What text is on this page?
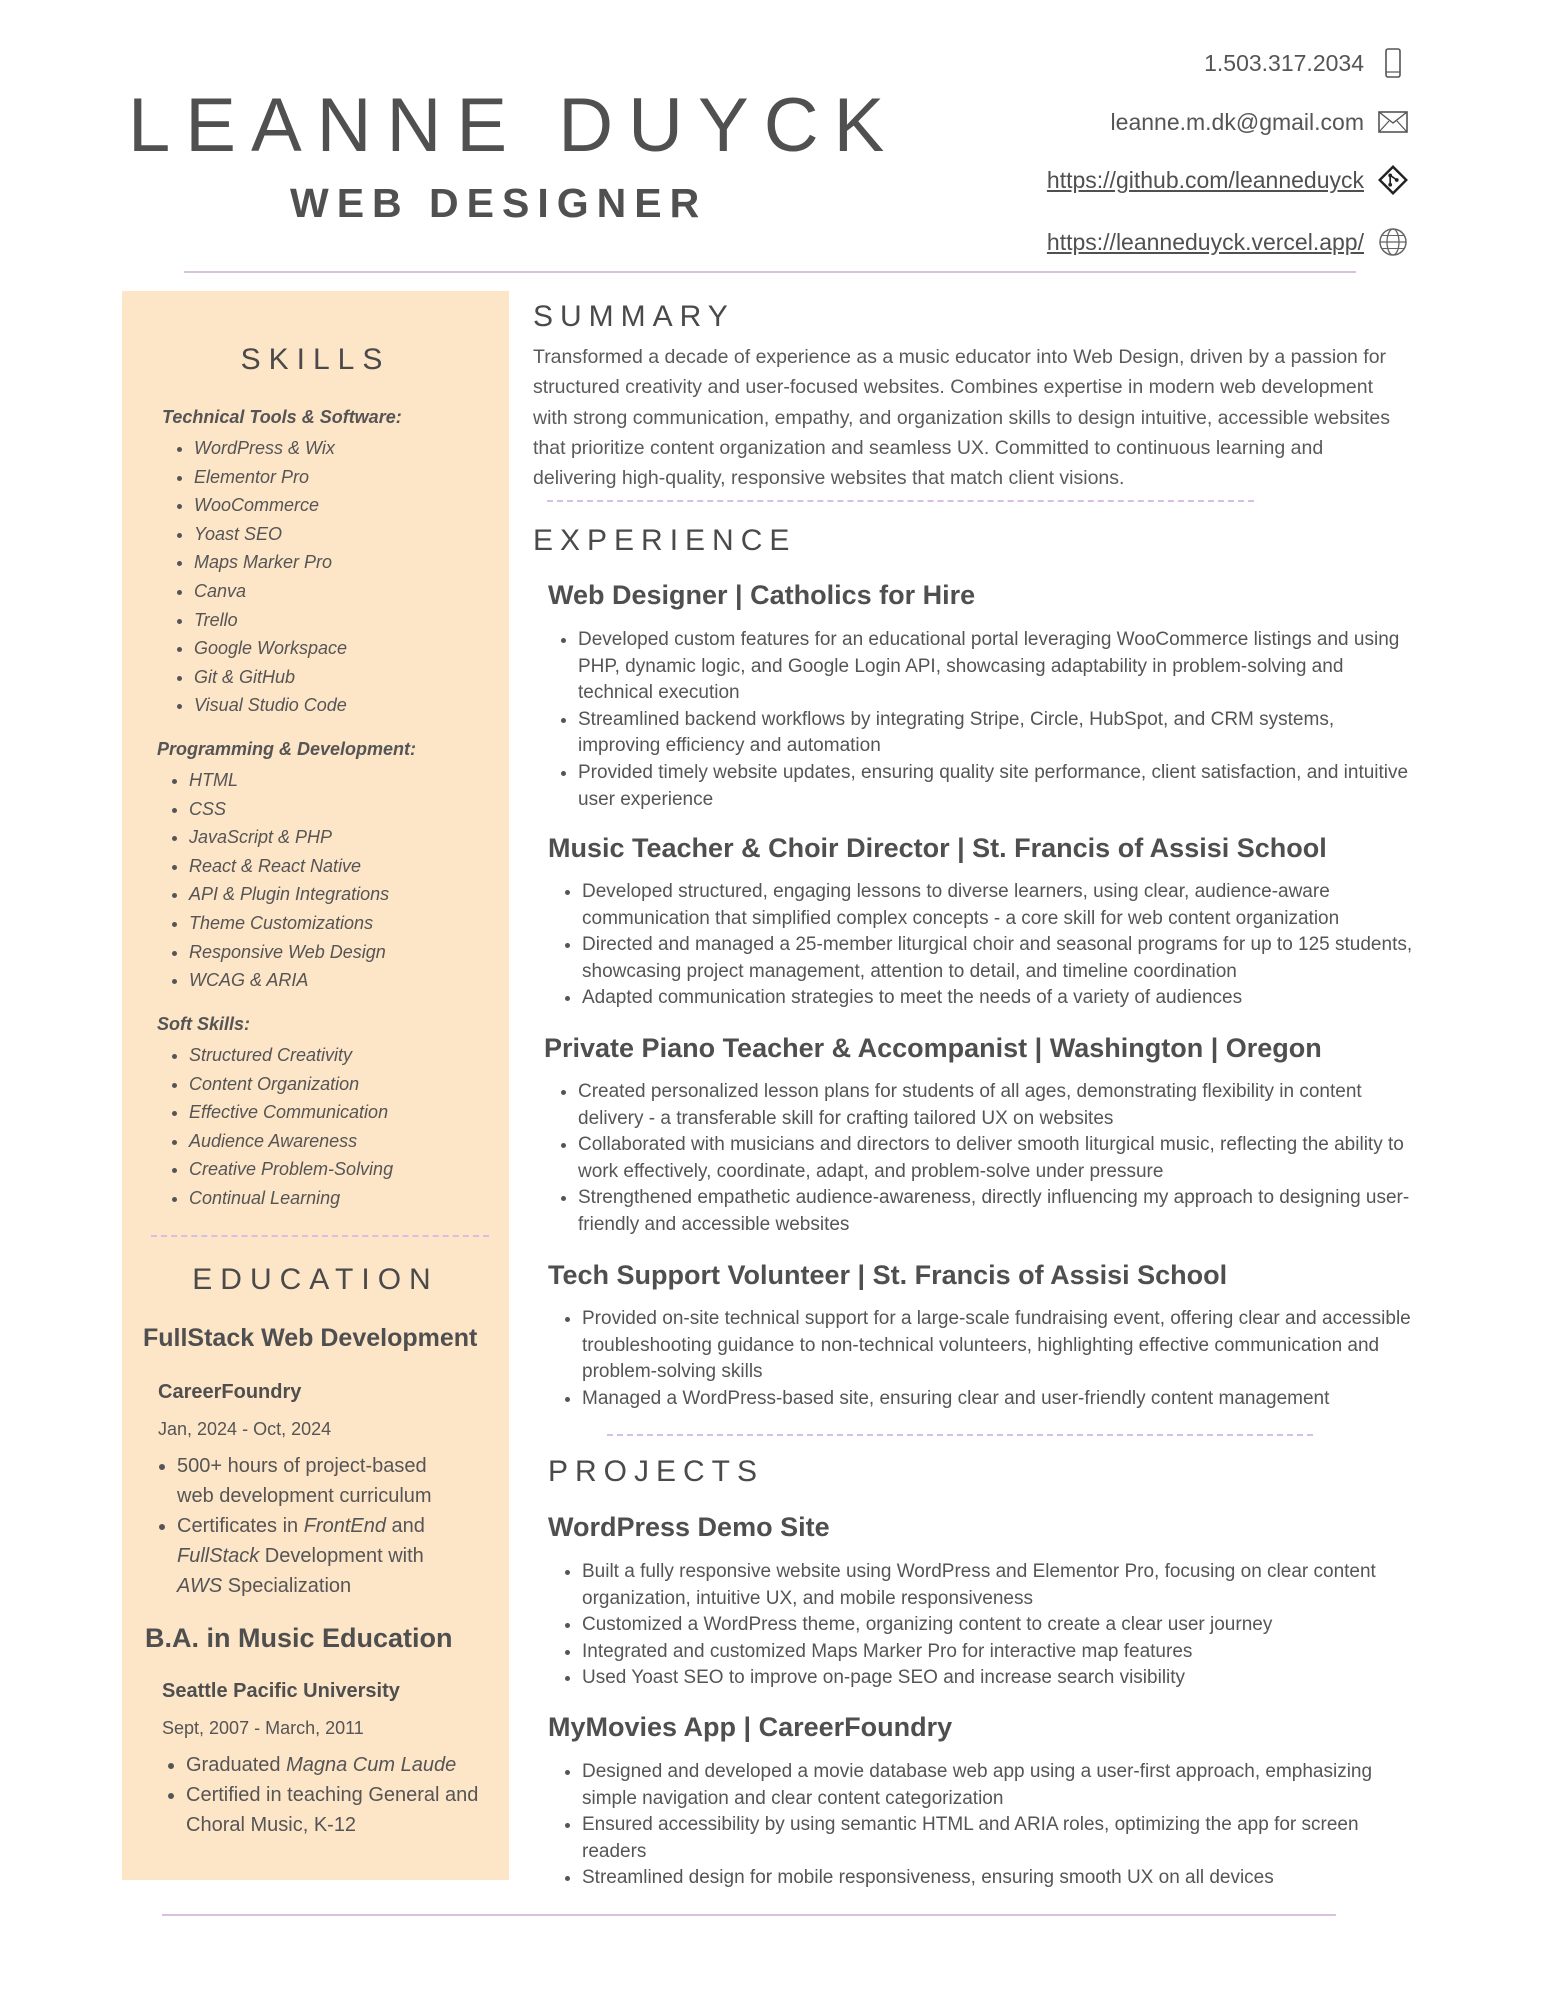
LEANNE DUYCK
WEB DESIGNER
1.503.317.2034
leanne.m.dk@gmail.com
https://github.com/leanneduyck
https://leanneduyck.vercel.app/
SKILLS

Technical Tools & Software:

• WordPress & Wix
• Elementor Pro
• WooCommerce
• Yoast SEO
• Maps Marker Pro
• Canva
• Trello
• Google Workspace
• Git & GitHub
• Visual Studio Code

Programming & Development:

• HTML
• CSS
• JavaScript & PHP
• React & React Native
• API & Plugin Integrations
• Theme Customizations
• Responsive Web Design
• WCAG & ARIA

Soft Skills:

• Structured Creativity
• Content Organization
• Effective Communication
• Audience Awareness
• Creative Problem-Solving
• Continual Learning
EDUCATION

FullStack Web Development

CareerFoundry

Jan, 2024 - Oct, 2024

• 500+ hours of project-based web development curriculum
• Certificates in FrontEnd and FullStack Development with AWS Specialization

B.A. in Music Education

Seattle Pacific University

Sept, 2007 - March, 2011

• Graduated Magna Cum Laude
• Certified in teaching General and Choral Music, K-12
SUMMARY

Transformed a decade of experience as a music educator into Web Design, driven by a passion for structured creativity and user-focused websites. Combines expertise in modern web development with strong communication, empathy, and organization skills to design intuitive, accessible websites that prioritize content organization and seamless UX. Committed to continuous learning and delivering high-quality, responsive websites that match client visions.

EXPERIENCE
Web Designer | Catholics for Hire
• Developed custom features for an educational portal leveraging WooCommerce listings and using PHP, dynamic logic, and Google Login API, showcasing adaptability in problem-solving and technical execution
• Streamlined backend workflows by integrating Stripe, Circle, HubSpot, and CRM systems, improving efficiency and automation
• Provided timely website updates, ensuring quality site performance, client satisfaction, and intuitive user experience
Music Teacher & Choir Director | St. Francis of Assisi School
• Developed structured, engaging lessons to diverse learners, using clear, audience-aware communication that simplified complex concepts - a core skill for web content organization
• Directed and managed a 25-member liturgical choir and seasonal programs for up to 125 students, showcasing project management, attention to detail, and timeline coordination
• Adapted communication strategies to meet the needs of a variety of audiences
Private Piano Teacher & Accompanist | Washington | Oregon
• Created personalized lesson plans for students of all ages, demonstrating flexibility in content delivery - a transferable skill for crafting tailored UX on websites
• Collaborated with musicians and directors to deliver smooth liturgical music, reflecting the ability to work effectively, coordinate, adapt, and problem-solve under pressure
• Strengthened empathetic audience-awareness, directly influencing my approach to designing user-friendly and accessible websites
Tech Support Volunteer | St. Francis of Assisi School
• Provided on-site technical support for a large-scale fundraising event, offering clear and accessible troubleshooting guidance to non-technical volunteers, highlighting effective communication and problem-solving skills
• Managed a WordPress-based site, ensuring clear and user-friendly content management
PROJECTS
WordPress Demo Site
• Built a fully responsive website using WordPress and Elementor Pro, focusing on clear content organization, intuitive UX, and mobile responsiveness
• Customized a WordPress theme, organizing content to create a clear user journey
• Integrated and customized Maps Marker Pro for interactive map features
• Used Yoast SEO to improve on-page SEO and increase search visibility
MyMovies App | CareerFoundry
• Designed and developed a movie database web app using a user-first approach, emphasizing simple navigation and clear content categorization
• Ensured accessibility by using semantic HTML and ARIA roles, optimizing the app for screen readers
• Streamlined design for mobile responsiveness, ensuring smooth UX on all devices
